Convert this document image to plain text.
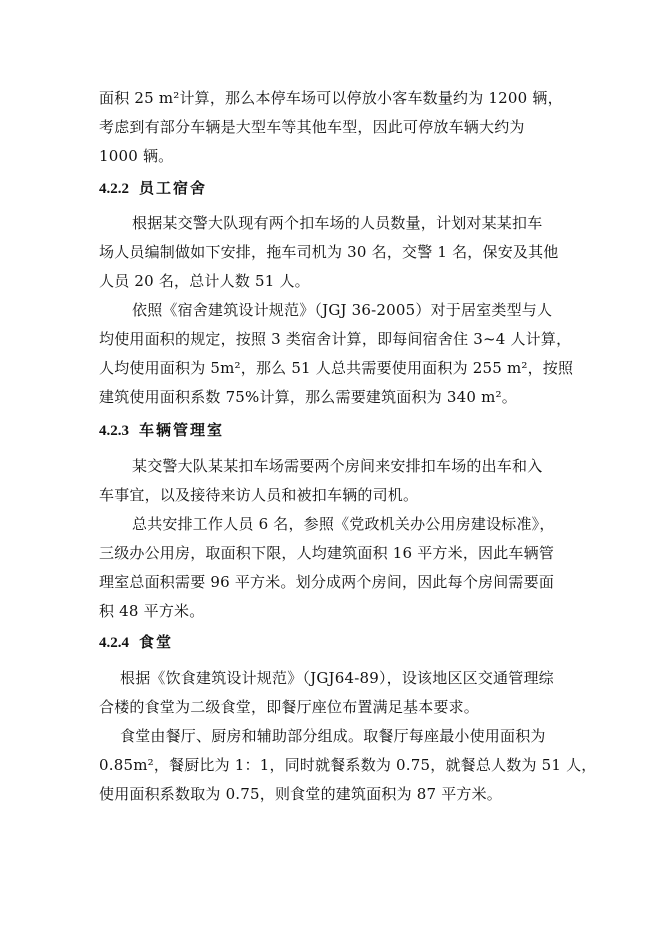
面积 25 m²计算，那么本停车场可以停放小客车数量约为 1200 辆，
考虑到有部分车辆是大型车等其他车型，因此可停放车辆大约为
1000 辆。
4.2.2 员工宿舍
根据某交警大队现有两个扣车场的人员数量，计划对某某扣车
场人员编制做如下安排，拖车司机为 30 名，交警 1 名，保安及其他
人员 20 名，总计人数 51 人。
依照《宿舍建筑设计规范》（JGJ 36-2005）对于居室类型与人
均使用面积的规定，按照 3 类宿舍计算，即每间宿舍住 3~4 人计算，
人均使用面积为 5m²，那么 51 人总共需要使用面积为 255 m²，按照
建筑使用面积系数 75%计算，那么需要建筑面积为 340 m²。
4.2.3 车辆管理室
某交警大队某某扣车场需要两个房间来安排扣车场的出车和入
车事宜，以及接待来访人员和被扣车辆的司机。
总共安排工作人员 6 名，参照《党政机关办公用房建设标准》，
三级办公用房，取面积下限，人均建筑面积 16 平方米，因此车辆管
理室总面积需要 96 平方米。划分成两个房间，因此每个房间需要面
积 48 平方米。
4.2.4 食堂
根据《饮食建筑设计规范》（JGJ64-89），设该地区区交通管理综
合楼的食堂为二级食堂，即餐厅座位布置满足基本要求。
食堂由餐厅、厨房和辅助部分组成。取餐厅每座最小使用面积为
0.85m²，餐厨比为 1：1，同时就餐系数为 0.75，就餐总人数为 51 人，
使用面积系数取为 0.75，则食堂的建筑面积为 87 平方米。
